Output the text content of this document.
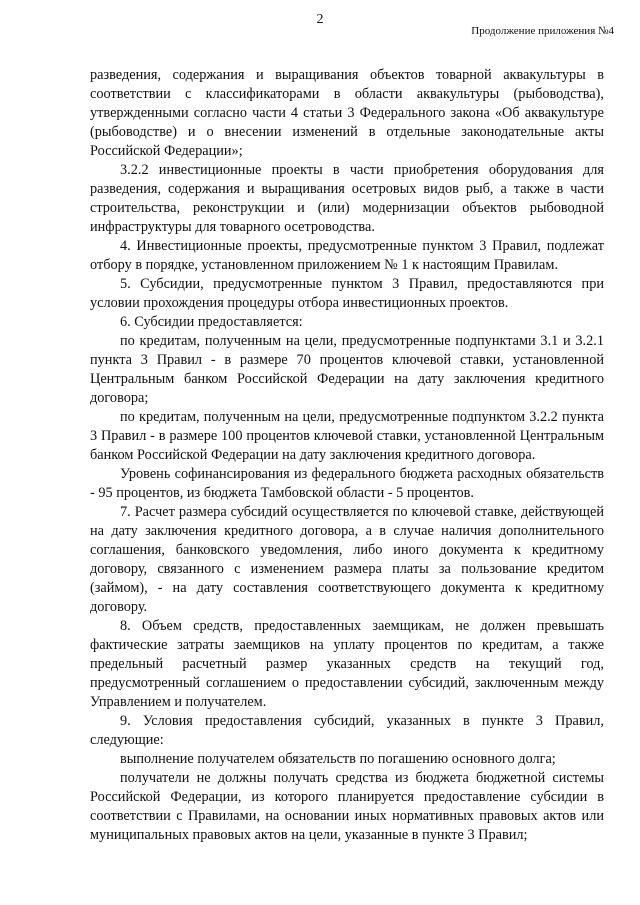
2
Продолжение приложения №4

разведения, содержания и выращивания объектов товарной аквакультуры в соответствии с классификаторами в области аквакультуры (рыбоводства), утвержденными согласно части 4 статьи 3 Федерального закона «Об аквакультуре (рыбоводстве) и о внесении изменений в отдельные законодательные акты Российской Федерации»;

3.2.2 инвестиционные проекты в части приобретения оборудования для разведения, содержания и выращивания осетровых видов рыб, а также в части строительства, реконструкции и (или) модернизации объектов рыбоводной инфраструктуры для товарного осетроводства.

4. Инвестиционные проекты, предусмотренные пунктом 3 Правил, подлежат отбору в порядке, установленном приложением № 1 к настоящим Правилам.

5. Субсидии, предусмотренные пунктом 3 Правил, предоставляются при условии прохождения процедуры отбора инвестиционных проектов.

6. Субсидии предоставляется:

по кредитам, полученным на цели, предусмотренные подпунктами 3.1 и 3.2.1 пункта 3 Правил - в размере 70 процентов ключевой ставки, установленной Центральным банком Российской Федерации на дату заключения кредитного договора;

по кредитам, полученным на цели, предусмотренные подпунктом 3.2.2 пункта 3 Правил - в размере 100 процентов ключевой ставки, установленной Центральным банком Российской Федерации на дату заключения кредитного договора.

Уровень софинансирования из федерального бюджета расходных обязательств - 95 процентов, из бюджета Тамбовской области - 5 процентов.

7. Расчет размера субсидий осуществляется по ключевой ставке, действующей на дату заключения кредитного договора, а в случае наличия дополнительного соглашения, банковского уведомления, либо иного документа к кредитному договору, связанного с изменением размера платы за пользование кредитом (займом), - на дату составления соответствующего документа к кредитному договору.

8. Объем средств, предоставленных заемщикам, не должен превышать фактические затраты заемщиков на уплату процентов по кредитам, а также предельный расчетный размер указанных средств на текущий год, предусмотренный соглашением о предоставлении субсидий, заключенным между Управлением и получателем.

9. Условия предоставления субсидий, указанных в пункте 3 Правил, следующие:

выполнение получателем обязательств по погашению основного долга;

получатели не должны получать средства из бюджета бюджетной системы Российской Федерации, из которого планируется предоставление субсидии в соответствии с Правилами, на основании иных нормативных правовых актов или муниципальных правовых актов на цели, указанные в пункте 3 Правил;
